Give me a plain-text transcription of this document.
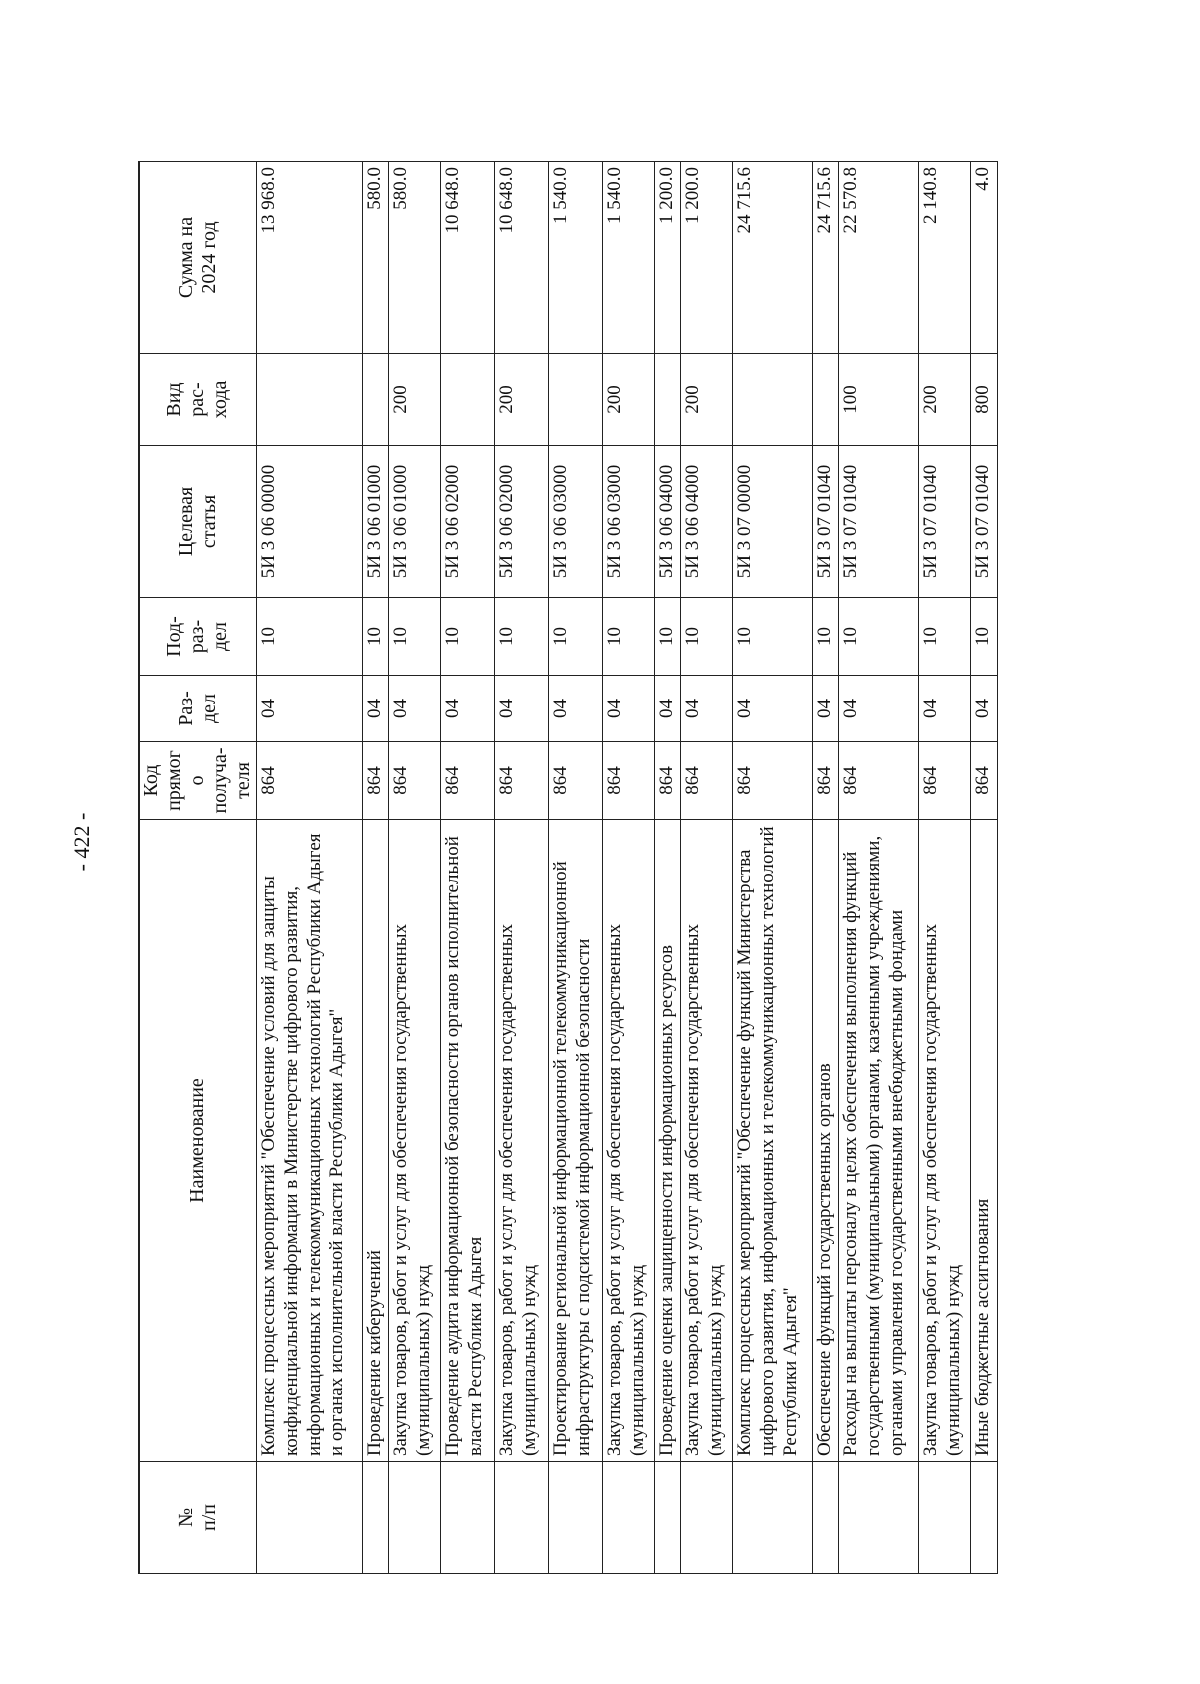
- 422 -
№
п/п	Наименование	Код
прямог
о
получа-
теля	Раз-
дел	Под-
раз-
дел	Целевая
статья	Вид
рас-
хода	Сумма на
2024 год
	Комплекс процессных мероприятий "Обеспечение условий для защиты конфиденциальной информации в Министерстве цифрового развития, информационных и телекоммуникационных технологий Республики Адыгея и органах исполнительной власти Республики Адыгея"	864	04	10	5И 3 06 00000		13 968.0
	Проведение киберучений	864	04	10	5И 3 06 01000		580.0
	Закупка товаров, работ и услуг для обеспечения государственных (муниципальных) нужд	864	04	10	5И 3 06 01000	200	580.0
	Проведение аудита информационной безопасности органов исполнительной власти Республики Адыгея	864	04	10	5И 3 06 02000		10 648.0
	Закупка товаров, работ и услуг для обеспечения государственных (муниципальных) нужд	864	04	10	5И 3 06 02000	200	10 648.0
	Проектирование региональной информационной телекоммуникационной инфраструктуры с подсистемой информационной безопасности	864	04	10	5И 3 06 03000		1 540.0
	Закупка товаров, работ и услуг для обеспечения государственных (муниципальных) нужд	864	04	10	5И 3 06 03000	200	1 540.0
	Проведение оценки защищенности информационных ресурсов	864	04	10	5И 3 06 04000		1 200.0
	Закупка товаров, работ и услуг для обеспечения государственных (муниципальных) нужд	864	04	10	5И 3 06 04000	200	1 200.0
	Комплекс процессных мероприятий "Обеспечение функций Министерства цифрового развития, информационных и телекоммуникационных технологий Республики Адыгея"	864	04	10	5И 3 07 00000		24 715.6
	Обеспечение функций государственных органов	864	04	10	5И 3 07 01040		24 715.6
	Расходы на выплаты персоналу в целях обеспечения выполнения функций государственными (муниципальными) органами, казенными учреждениями, органами управления государственными внебюджетными фондами	864	04	10	5И 3 07 01040	100	22 570.8
	Закупка товаров, работ и услуг для обеспечения государственных (муниципальных) нужд	864	04	10	5И 3 07 01040	200	2 140.8
	Иные бюджетные ассигнования	864	04	10	5И 3 07 01040	800	4.0
